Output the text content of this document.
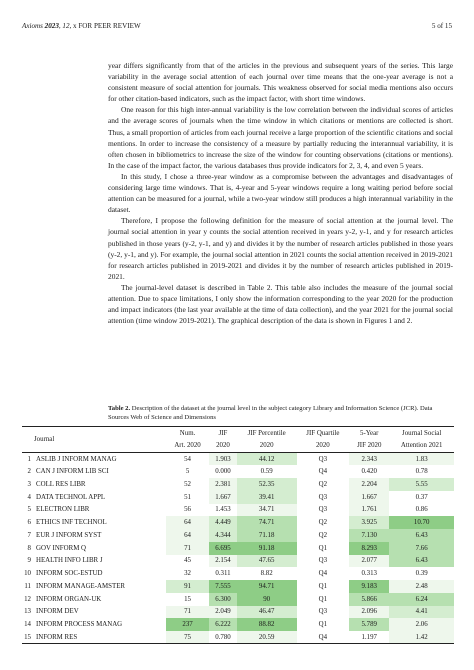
Axioms 2023, 12, x FOR PEER REVIEW	5 of 15

year differs significantly from that of the articles in the previous and subsequent years of the series. This large variability in the average social attention of each journal over time means that the one-year average is not a consistent measure of social attention for journals. This weakness observed for social media mentions also occurs for other citation-based indicators, such as the impact factor, with short time windows.

One reason for this high inter-annual variability is the low correlation between the individual scores of articles and the average scores of journals when the time window in which citations or mentions are collected is short. Thus, a small proportion of articles from each journal receive a large proportion of the scientific citations and social mentions. In order to increase the consistency of a measure by partially reducing the interannual variability, it is often chosen in bibliometrics to increase the size of the window for counting observations (citations or mentions). In the case of the impact factor, the various databases thus provide indicators for 2, 3, 4, and even 5 years.

In this study, I chose a three-year window as a compromise between the advantages and disadvantages of considering large time windows. That is, 4-year and 5-year windows require a long waiting period before social attention can be measured for a journal, while a two-year window still produces a high interannual variability in the dataset.

Therefore, I propose the following definition for the measure of social attention at the journal level. The journal social attention in year y counts the social attention received in years y-2, y-1, and y for research articles published in those years (y-2, y-1, and y) and divides it by the number of research articles published in those years (y-2, y-1, and y). For example, the journal social attention in 2021 counts the social attention received in 2019-2021 for research articles published in 2019-2021 and divides it by the number of research articles published in 2019-2021.

The journal-level dataset is described in Table 2. This table also includes the measure of the journal social attention. Due to space limitations, I only show the information corresponding to the year 2020 for the production and impact indicators (the last year available at the time of data collection), and the year 2021 for the journal social attention (time window 2019-2021). The graphical description of the data is shown in Figures 1 and 2.

Table 2. Description of the dataset at the journal level in the subject category Library and Information Science (JCR). Data Sources Web of Science and Dimensions
Journal		Num.	JIF	JIF Percentile	JIF Quartile	5-Year	Journal Social
		Art. 2020	2020	2020	2020	JIF 2020	Attention 2021
1	ASLIB J INFORM MANAG	54	1.903	44.12	Q3	2.343	1.83
2	CAN J INFORM LIB SCI	5	0.000	0.59	Q4	0.420	0.78
3	COLL RES LIBR	52	2.381	52.35	Q2	2.204	5.55
4	DATA TECHNOL APPL	51	1.667	39.41	Q3	1.667	0.37
5	ELECTRON LIBR	56	1.453	34.71	Q3	1.761	0.86
6	ETHICS INF TECHNOL	64	4.449	74.71	Q2	3.925	10.70
7	EUR J INFORM SYST	64	4.344	71.18	Q2	7.130	6.43
8	GOV INFORM Q	71	6.695	91.18	Q1	8.293	7.66
9	HEALTH INFO LIBR J	45	2.154	47.65	Q3	2.077	6.43
10	INFORM SOC-ESTUD	32	0.311	8.82	Q4	0.313	0.39
11	INFORM MANAGE-AMSTER	91	7.555	94.71	Q1	9.183	2.48
12	INFORM ORGAN-UK	15	6.300	90	Q1	5.866	6.24
13	INFORM DEV	71	2.049	46.47	Q3	2.096	4.41
14	INFORM PROCESS MANAG	237	6.222	88.82	Q1	5.789	2.06
15	INFORM RES	75	0.780	20.59	Q4	1.197	1.42
